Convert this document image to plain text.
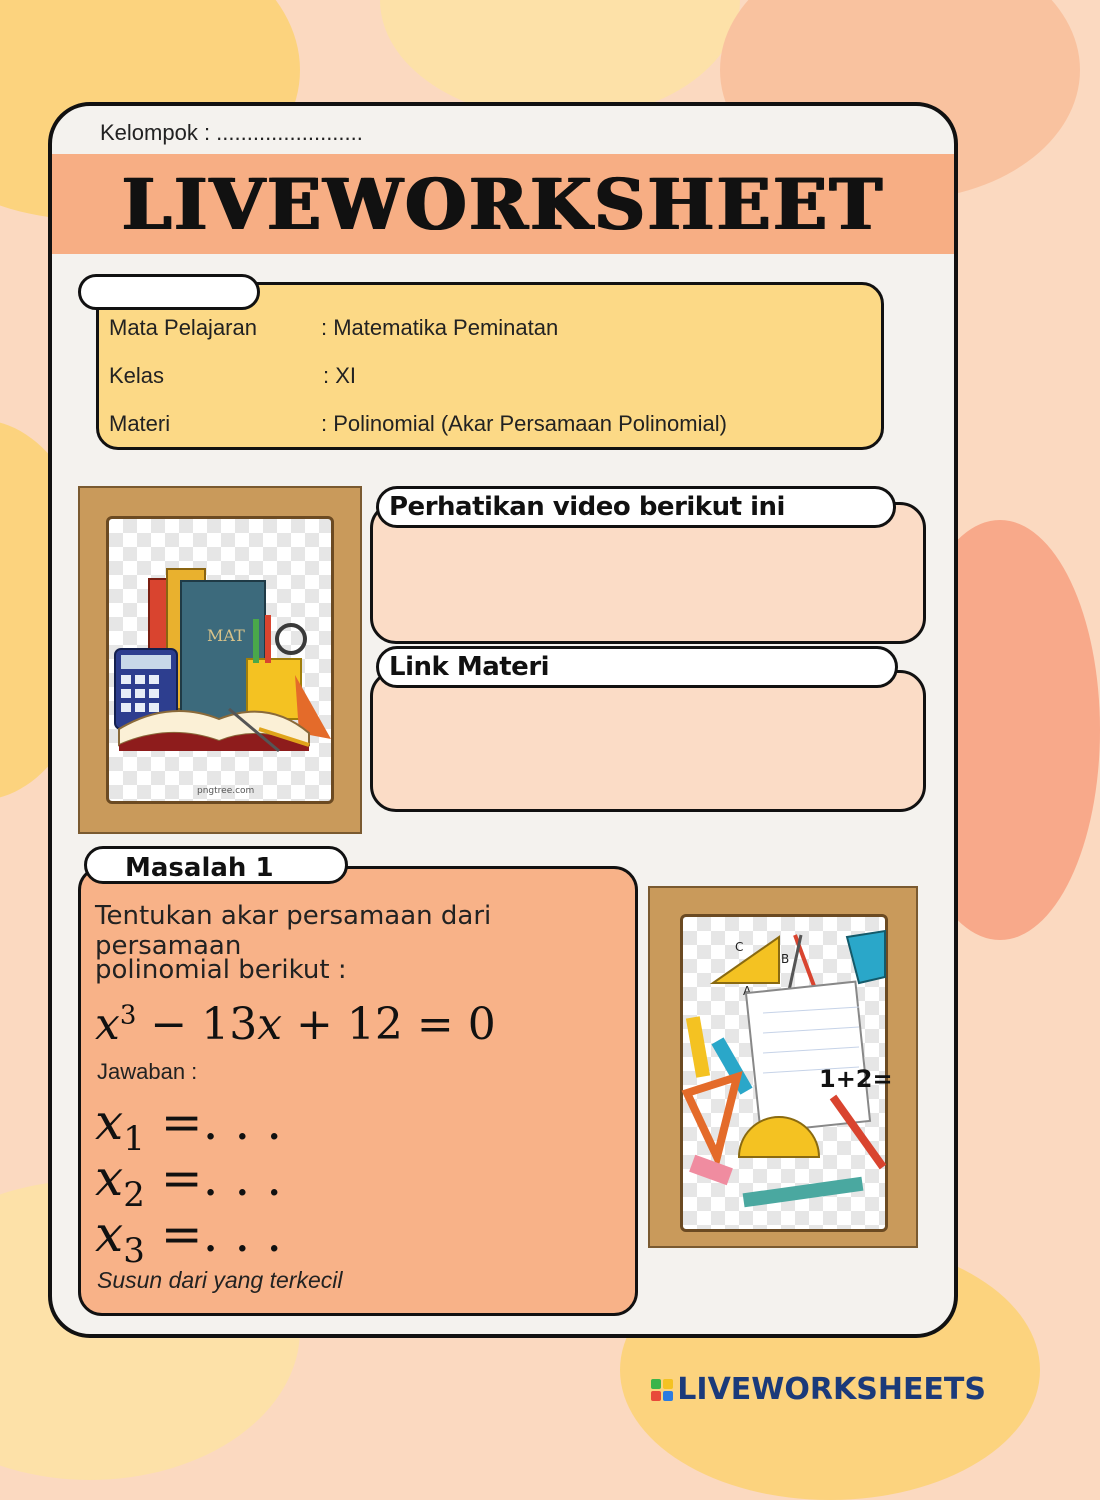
Kelompok : ........................
LIVEWORKSHEET
Mata Pelajaran	: Matematika Peminatan
Kelas	: XI
Materi	: Polinomial (Akar Persamaan Polinomial)
MAT
pngtree.com
Perhatikan video berikut ini
Link Materi
Tentukan akar persamaan dari persamaan
polinomial berikut :
$x^3 - 13x + 12 = 0$
Jawaban :
$x_1$ =. . .
$x_2$ =. . .
$x_3$ =. . .
Susun dari yang terkecil
Masalah 1
C
B
A
1+2=
LIVEWORKSHEETS
